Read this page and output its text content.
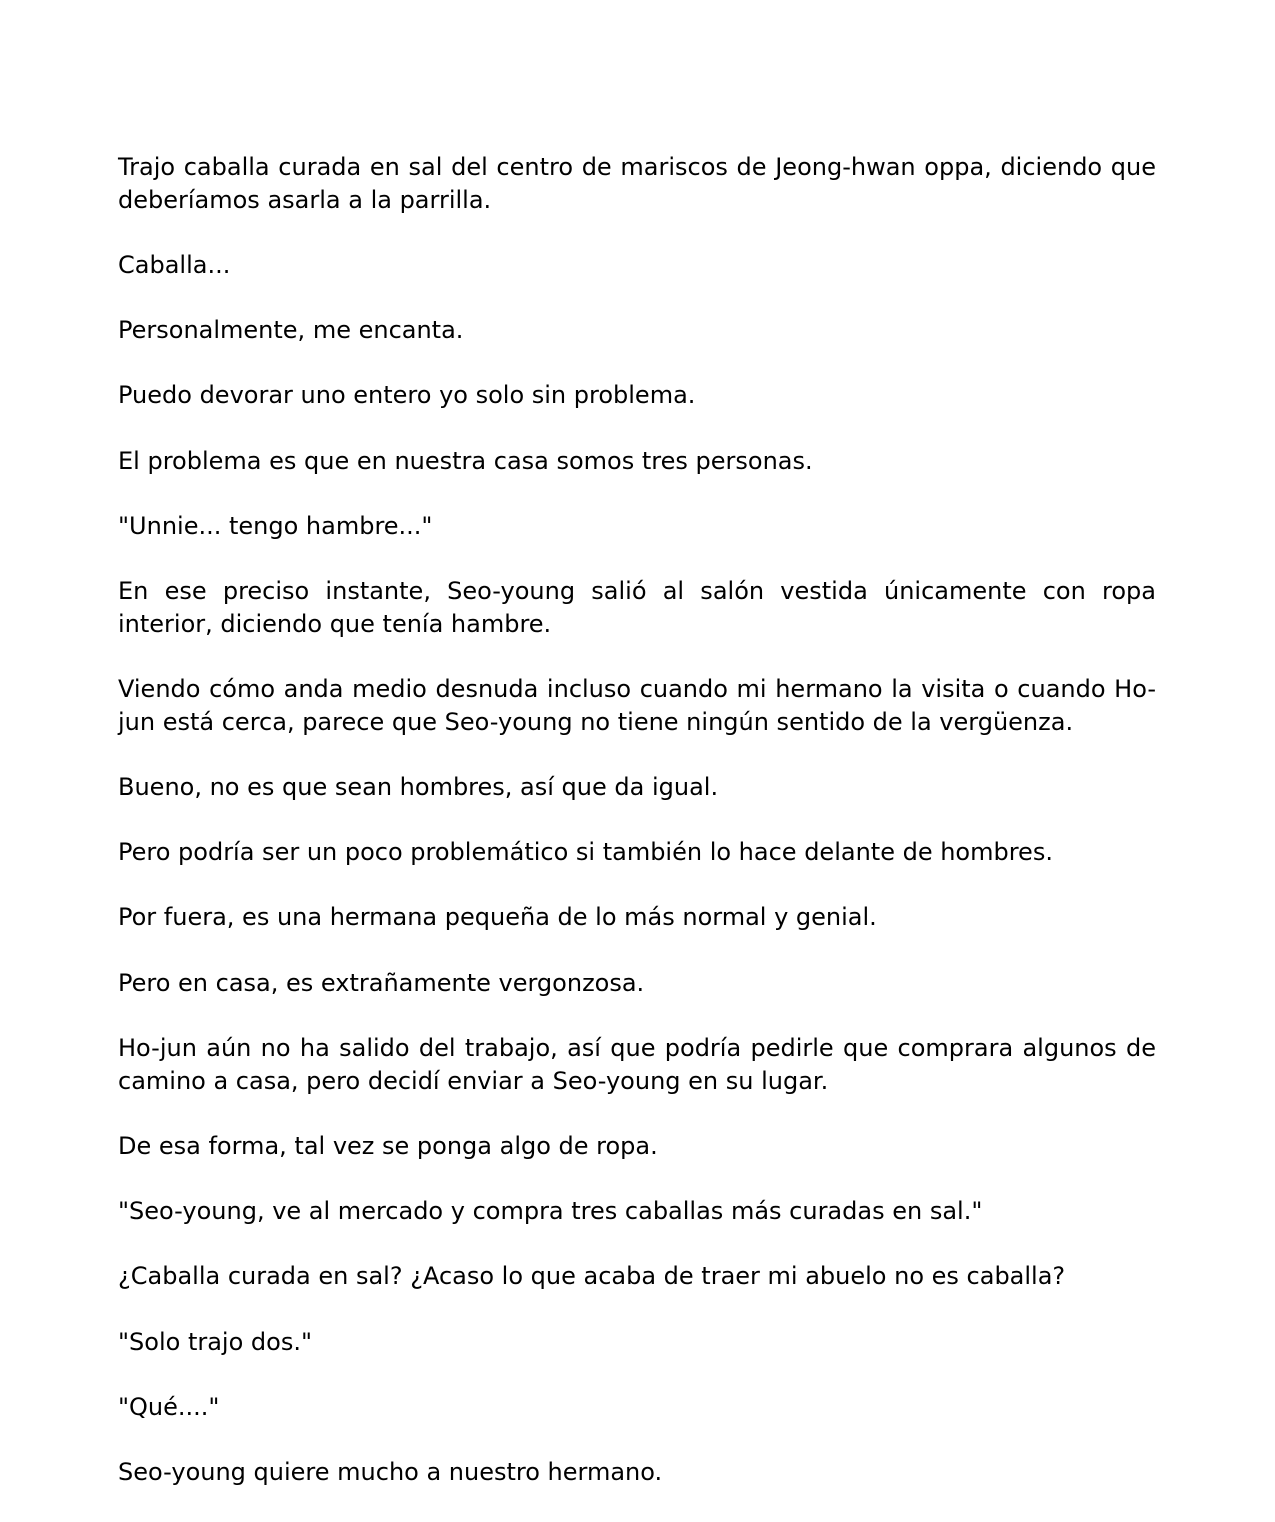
Trajo caballa curada en sal del centro de mariscos de Jeong-hwan oppa, diciendo que deberíamos asarla a la parrilla.

Caballa...

Personalmente, me encanta.

Puedo devorar uno entero yo solo sin problema.

El problema es que en nuestra casa somos tres personas.

"Unnie... tengo hambre..."

En ese preciso instante, Seo-young salió al salón vestida únicamente con ropa interior, diciendo que tenía hambre.

Viendo cómo anda medio desnuda incluso cuando mi hermano la visita o cuando Ho-jun está cerca, parece que Seo-young no tiene ningún sentido de la vergüenza.

Bueno, no es que sean hombres, así que da igual.

Pero podría ser un poco problemático si también lo hace delante de hombres.

Por fuera, es una hermana pequeña de lo más normal y genial.

Pero en casa, es extrañamente vergonzosa.

Ho-jun aún no ha salido del trabajo, así que podría pedirle que comprara algunos de camino a casa, pero decidí enviar a Seo-young en su lugar.

De esa forma, tal vez se ponga algo de ropa.

"Seo-young, ve al mercado y compra tres caballas más curadas en sal."

¿Caballa curada en sal? ¿Acaso lo que acaba de traer mi abuelo no es caballa?

"Solo trajo dos."

"Qué...."

Seo-young quiere mucho a nuestro hermano.
